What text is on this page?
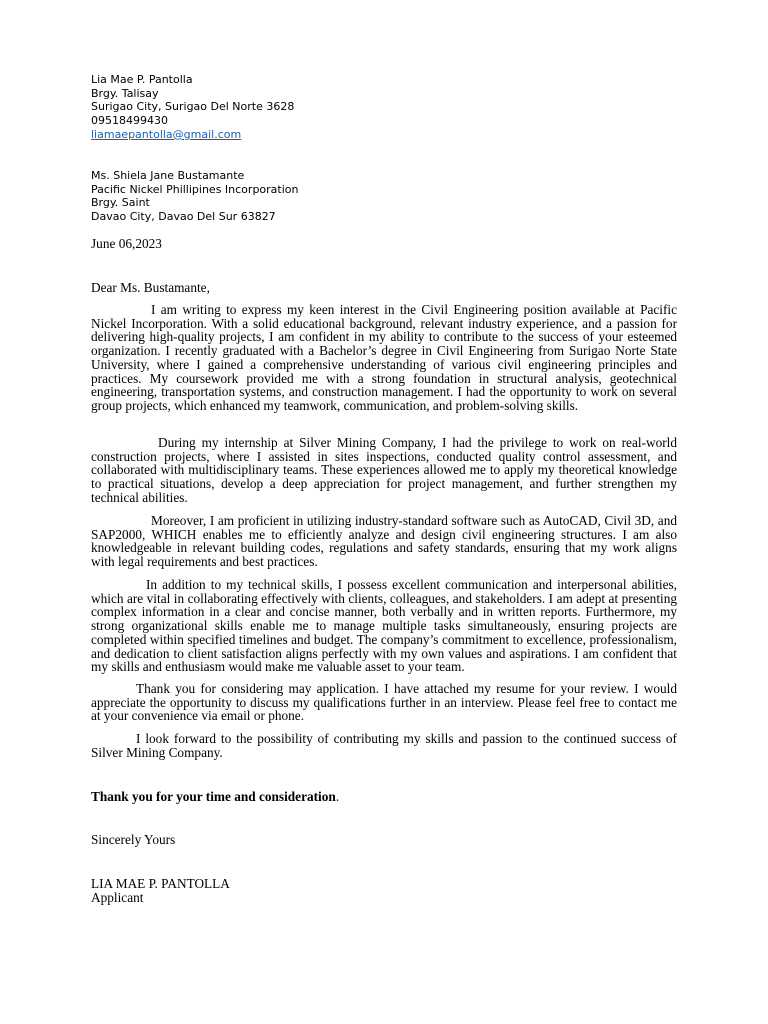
Lia Mae P. Pantolla
Brgy. Talisay
Surigao City, Surigao Del Norte 3628
09518499430
liamaepantolla@gmail.com
Ms. Shiela Jane Bustamante
Pacific Nickel Phillipines Incorporation
Brgy. Saint
Davao City, Davao Del Sur 63827
June 06,2023
Dear Ms. Bustamante,

I am writing to express my keen interest in the Civil Engineering position available at Pacific Nickel Incorporation. With a solid educational background, relevant industry experience, and a passion for delivering high-quality projects, I am confident in my ability to contribute to the success of your esteemed organization. I recently graduated with a Bachelor’s degree in Civil Engineering from Surigao Norte State University, where I gained a comprehensive understanding of various civil engineering principles and practices. My coursework provided me with a strong foundation in structural analysis, geotechnical engineering, transportation systems, and construction management. I had the opportunity to work on several group projects, which enhanced my teamwork, communication, and problem-solving skills.

During my internship at Silver Mining Company, I had the privilege to work on real-world construction projects, where I assisted in sites inspections, conducted quality control assessment, and collaborated with multidisciplinary teams. These experiences allowed me to apply my theoretical knowledge to practical situations, develop a deep appreciation for project management, and further strengthen my technical abilities.

Moreover, I am proficient in utilizing industry-standard software such as AutoCAD, Civil 3D, and SAP2000, WHICH enables me to efficiently analyze and design civil engineering structures. I am also knowledgeable in relevant building codes, regulations and safety standards, ensuring that my work aligns with legal requirements and best practices.

In addition to my technical skills, I possess excellent communication and interpersonal abilities, which are vital in collaborating effectively with clients, colleagues, and stakeholders. I am adept at presenting complex information in a clear and concise manner, both verbally and in written reports. Furthermore, my strong organizational skills enable me to manage multiple tasks simultaneously, ensuring projects are completed within specified timelines and budget. The company’s commitment to excellence, professionalism, and dedication to client satisfaction aligns perfectly with my own values and aspirations. I am confident that my skills and enthusiasm would make me valuable asset to your team.

Thank you for considering may application. I have attached my resume for your review. I would appreciate the opportunity to discuss my qualifications further in an interview. Please feel free to contact me at your convenience via email or phone.

I look forward to the possibility of contributing my skills and passion to the continued success of Silver Mining Company.

Thank you for your time and consideration.
Sincerely Yours
LIA MAE P. PANTOLLA
Applicant
